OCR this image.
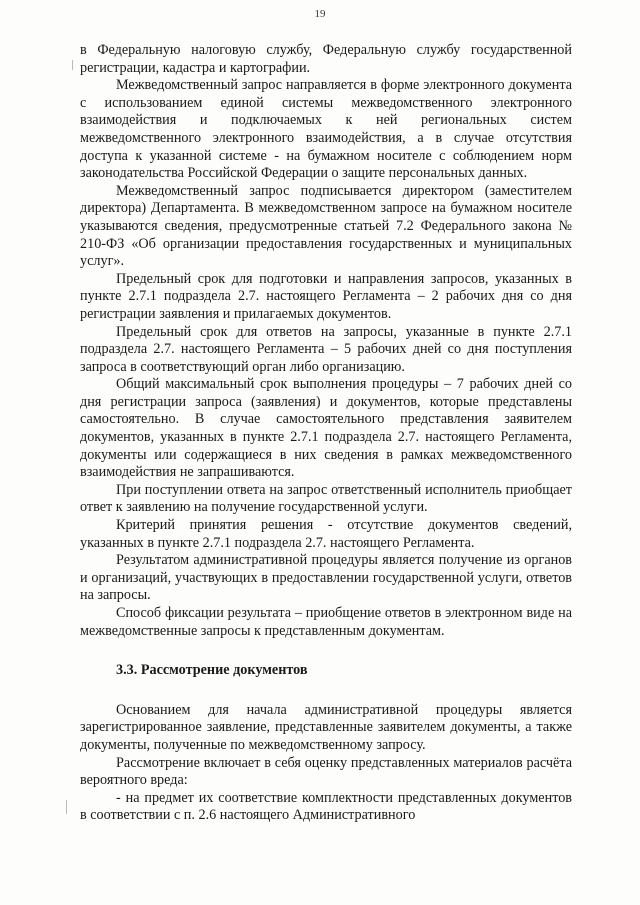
19

в Федеральную налоговую службу, Федеральную службу государственной регистрации, кадастра и картографии.

Межведомственный запрос направляется в форме электронного документа с использованием единой системы межведомственного электронного взаимодействия и подключаемых к ней региональных систем межведомственного электронного взаимодействия, а в случае отсутствия доступа к указанной системе - на бумажном носителе с соблюдением норм законодательства Российской Федерации о защите персональных данных.

Межведомственный запрос подписывается директором (заместителем директора) Департамента. В межведомственном запросе на бумажном носителе указываются сведения, предусмотренные статьей 7.2 Федерального закона № 210-ФЗ «Об организации предоставления государственных и муниципальных услуг».

Предельный срок для подготовки и направления запросов, указанных в пункте 2.7.1 подраздела 2.7. настоящего Регламента – 2 рабочих дня со дня регистрации заявления и прилагаемых документов.

Предельный срок для ответов на запросы, указанные в пункте 2.7.1 подраздела 2.7. настоящего Регламента – 5 рабочих дней со дня поступления запроса в соответствующий орган либо организацию.

Общий максимальный срок выполнения процедуры – 7 рабочих дней со дня регистрации запроса (заявления) и документов, которые представлены самостоятельно. В случае самостоятельного представления заявителем документов, указанных в пункте 2.7.1 подраздела 2.7. настоящего Регламента, документы или содержащиеся в них сведения в рамках межведомственного взаимодействия не запрашиваются.

При поступлении ответа на запрос ответственный исполнитель приобщает ответ к заявлению на получение государственной услуги.

Критерий принятия решения - отсутствие документов сведений, указанных в пункте 2.7.1 подраздела 2.7. настоящего Регламента.

Результатом административной процедуры является получение из органов и организаций, участвующих в предоставлении государственной услуги, ответов на запросы.

Способ фиксации результата – приобщение ответов в электронном виде на межведомственные запросы к представленным документам.

3.3. Рассмотрение документов

Основанием для начала административной процедуры является зарегистрированное заявление, представленные заявителем документы, а также документы, полученные по межведомственному запросу.

Рассмотрение включает в себя оценку представленных материалов расчёта вероятного вреда:

- на предмет их соответствие комплектности представленных документов в соответствии с п. 2.6 настоящего Административного
